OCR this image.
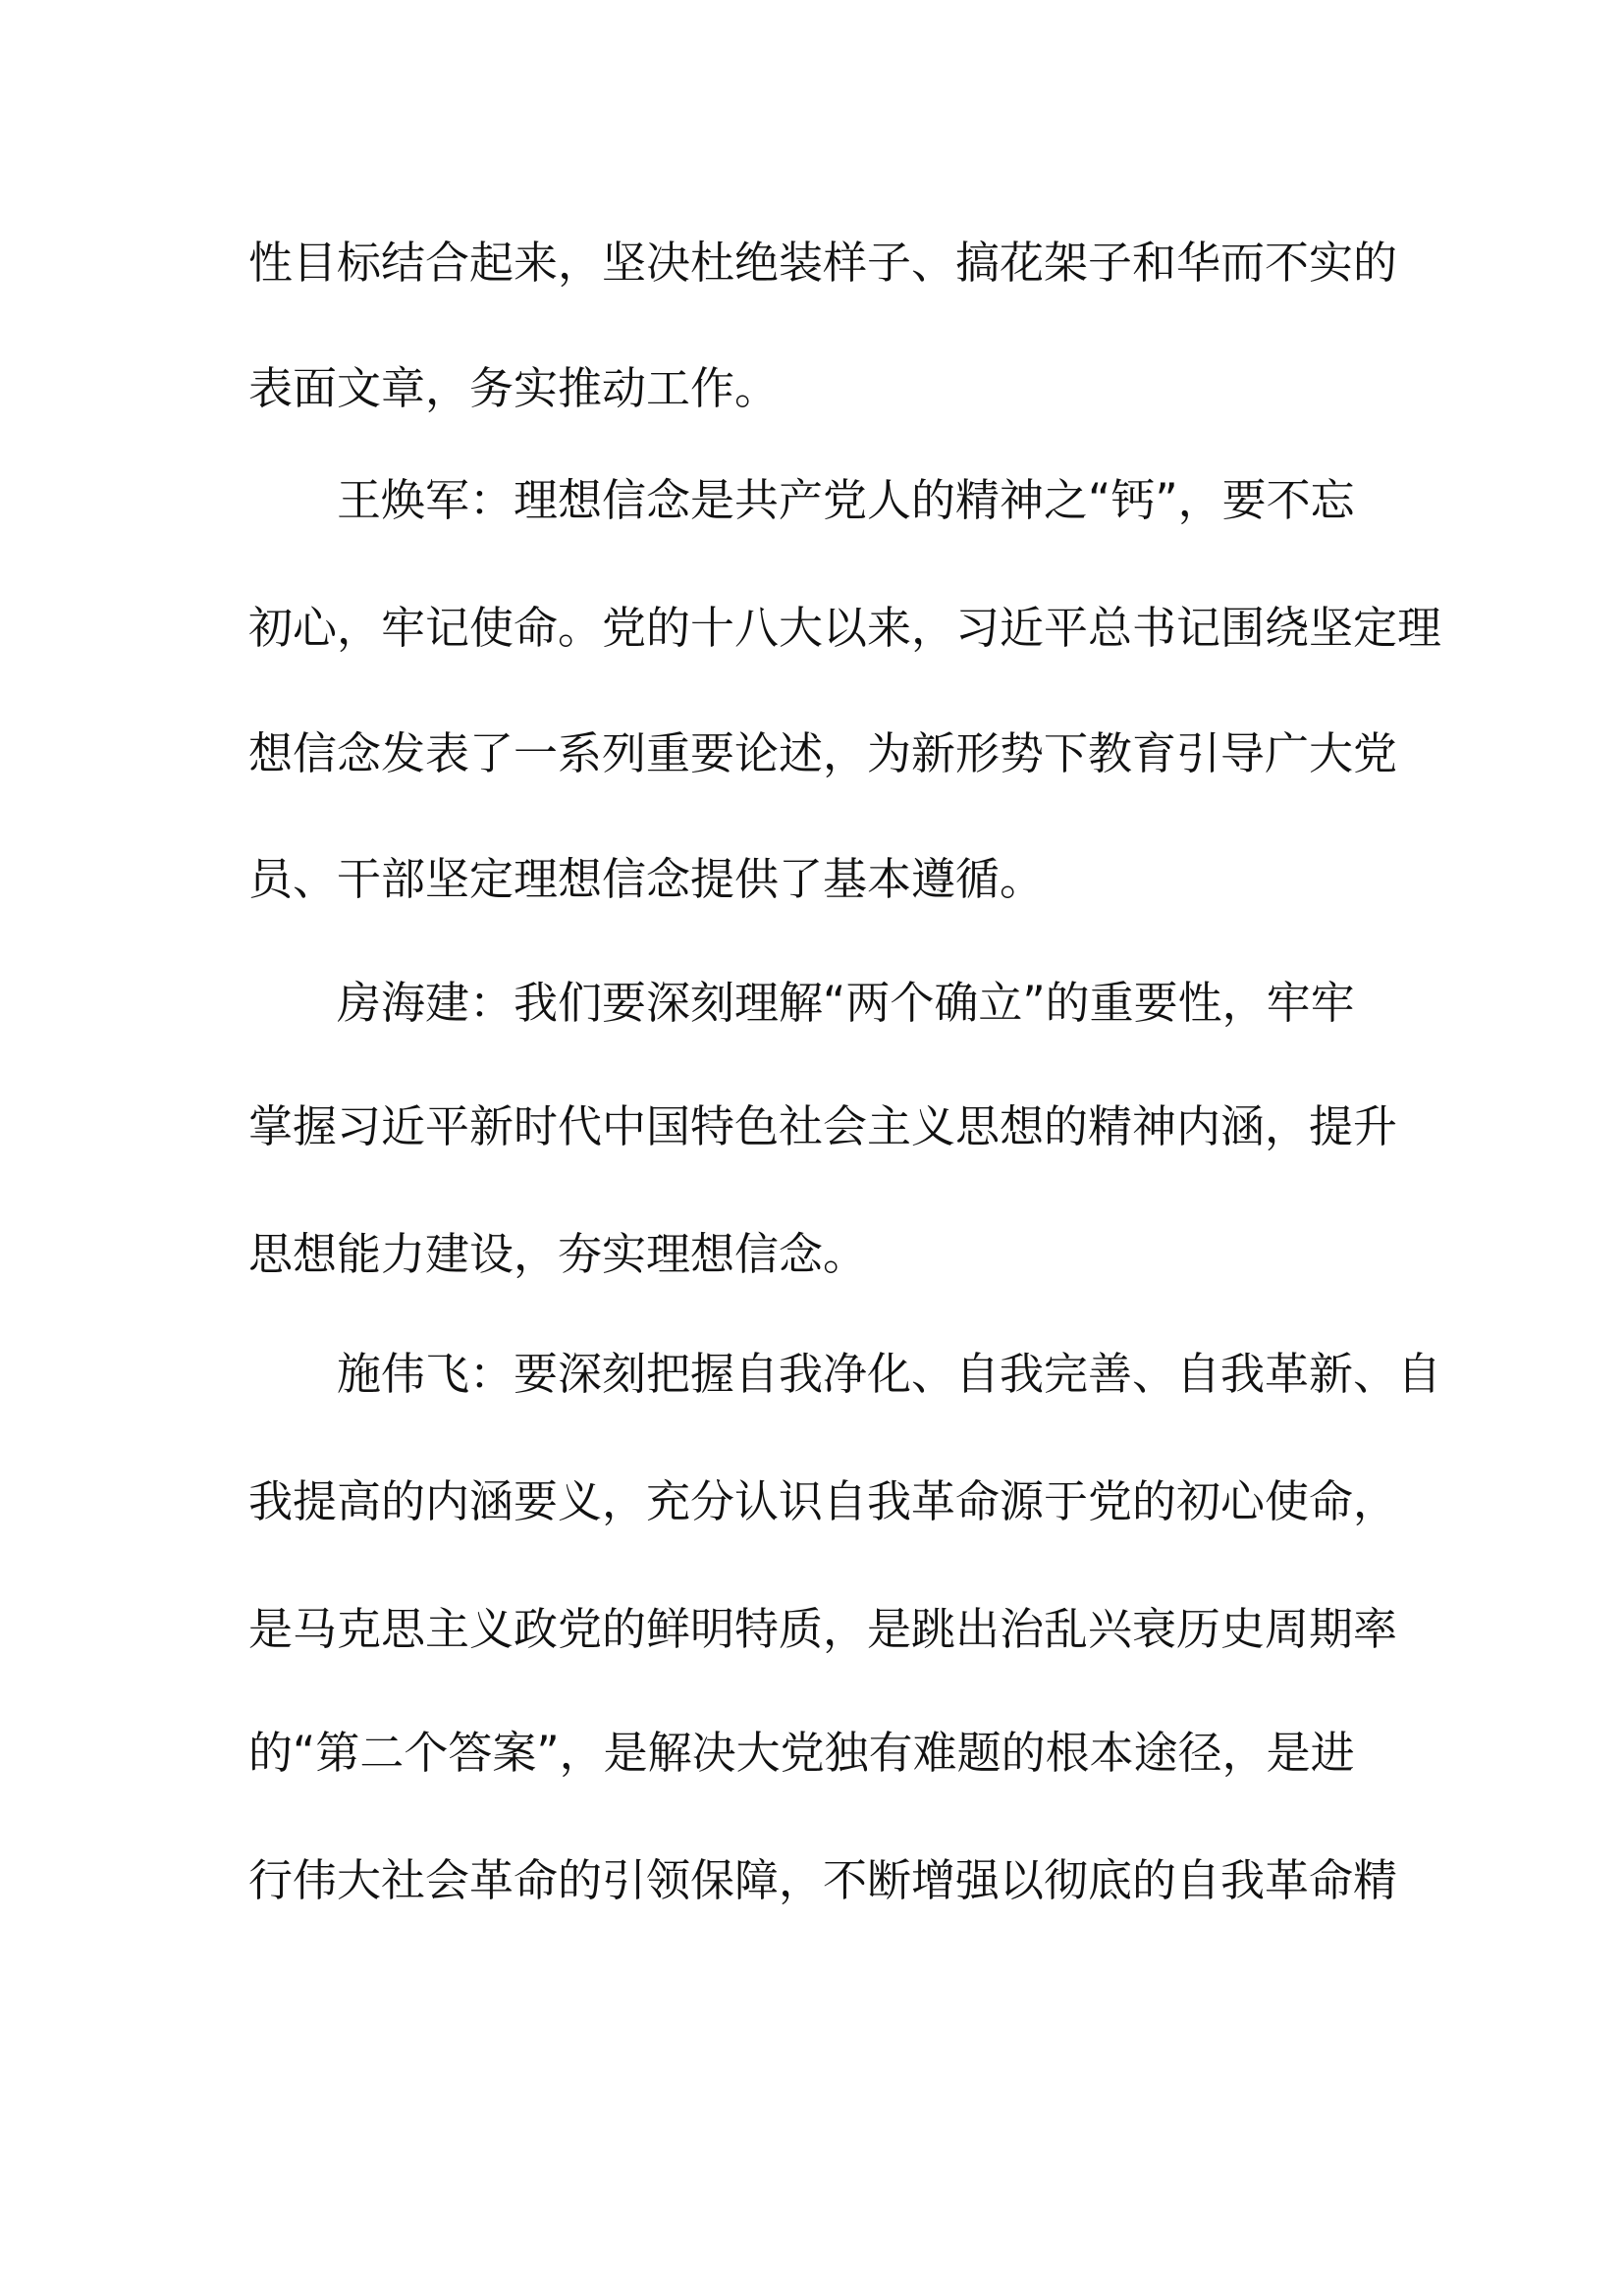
性目标结合起来，坚决杜绝装样子、搞花架子和华而不实的
表面文章，务实推动工作。
王焕军：理想信念是共产党人的精神之“钙”，要不忘
初心，牢记使命。党的十八大以来，习近平总书记围绕坚定理
想信念发表了一系列重要论述，为新形势下教育引导广大党
员、干部坚定理想信念提供了基本遵循。
房海建：我们要深刻理解“两个确立”的重要性，牢牢
掌握习近平新时代中国特色社会主义思想的精神内涵，提升
思想能力建设，夯实理想信念。
施伟飞：要深刻把握自我净化、自我完善、自我革新、自
我提高的内涵要义，充分认识自我革命源于党的初心使命，
是马克思主义政党的鲜明特质，是跳出治乱兴衰历史周期率
的“第二个答案”，是解决大党独有难题的根本途径，是进
行伟大社会革命的引领保障，不断增强以彻底的自我革命精
